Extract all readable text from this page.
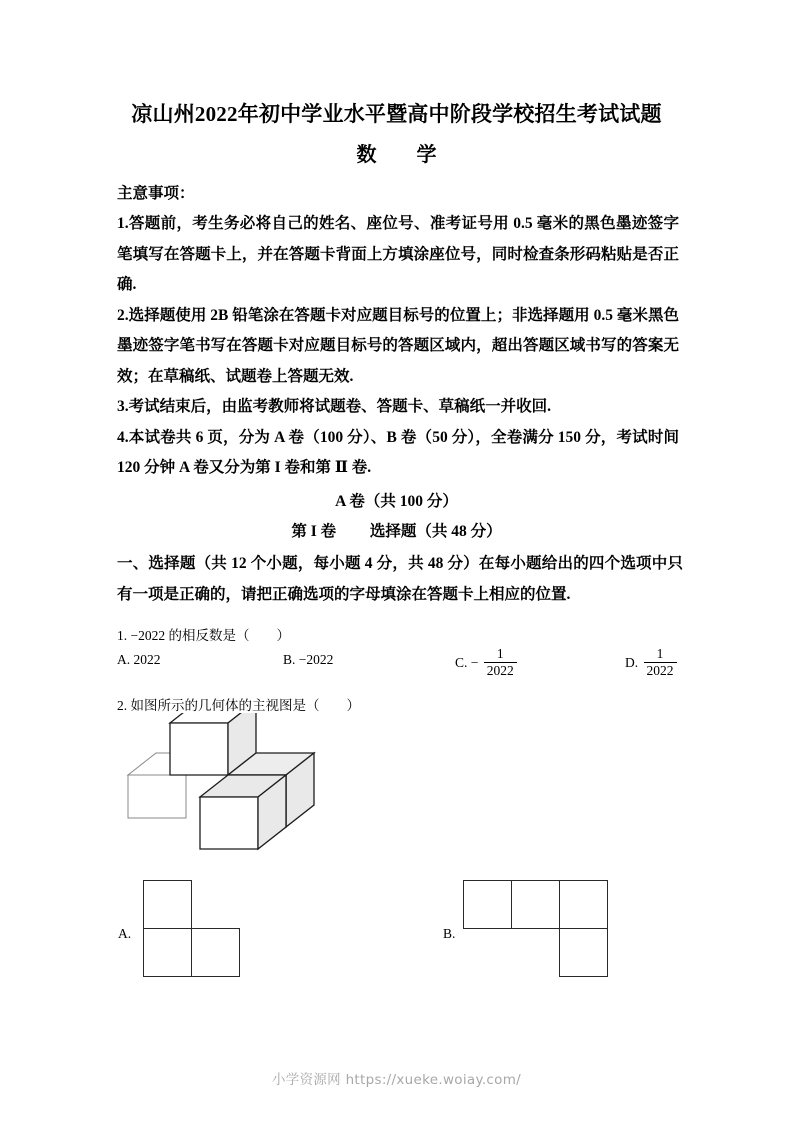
凉山州2022年初中学业水平暨高中阶段学校招生考试试题
数　学
主意事项：

1.答题前，考生务必将自己的姓名、座位号、准考证号用 0.5 毫米的黑色墨迹签字笔填写在答题卡上，并在答题卡背面上方填涂座位号，同时检查条形码粘贴是否正确.

2.选择题使用 2B 铅笔涂在答题卡对应题目标号的位置上；非选择题用 0.5 毫米黑色墨迹签字笔书写在答题卡对应题目标号的答题区域内，超出答题区域书写的答案无效；在草稿纸、试题卷上答题无效.

3.考试结束后，由监考教师将试题卷、答题卡、草稿纸一并收回.

4.本试卷共 6 页，分为 A 卷（100 分）、B 卷（50 分），全卷满分 150 分，考试时间 120 分钟 A 卷又分为第 I 卷和第 Ⅱ 卷.

A 卷（共 100 分）
第 I 卷 选择题（共 48 分）
一、选择题（共 12 个小题，每小题 4 分，共 48 分）在每小题给出的四个选项中只有一项是正确的，请把正确选项的字母填涂在答题卡上相应的位置.
1. −2022 的相反数是（　　）
A. 2022	B. −2022	C. − $\frac{1}{2022}$	D. $\frac{1}{2022}$
2. 如图所示的几何体的主视图是（　　）
A.	B.
小学资源网 https://xueke.woiay.com/
